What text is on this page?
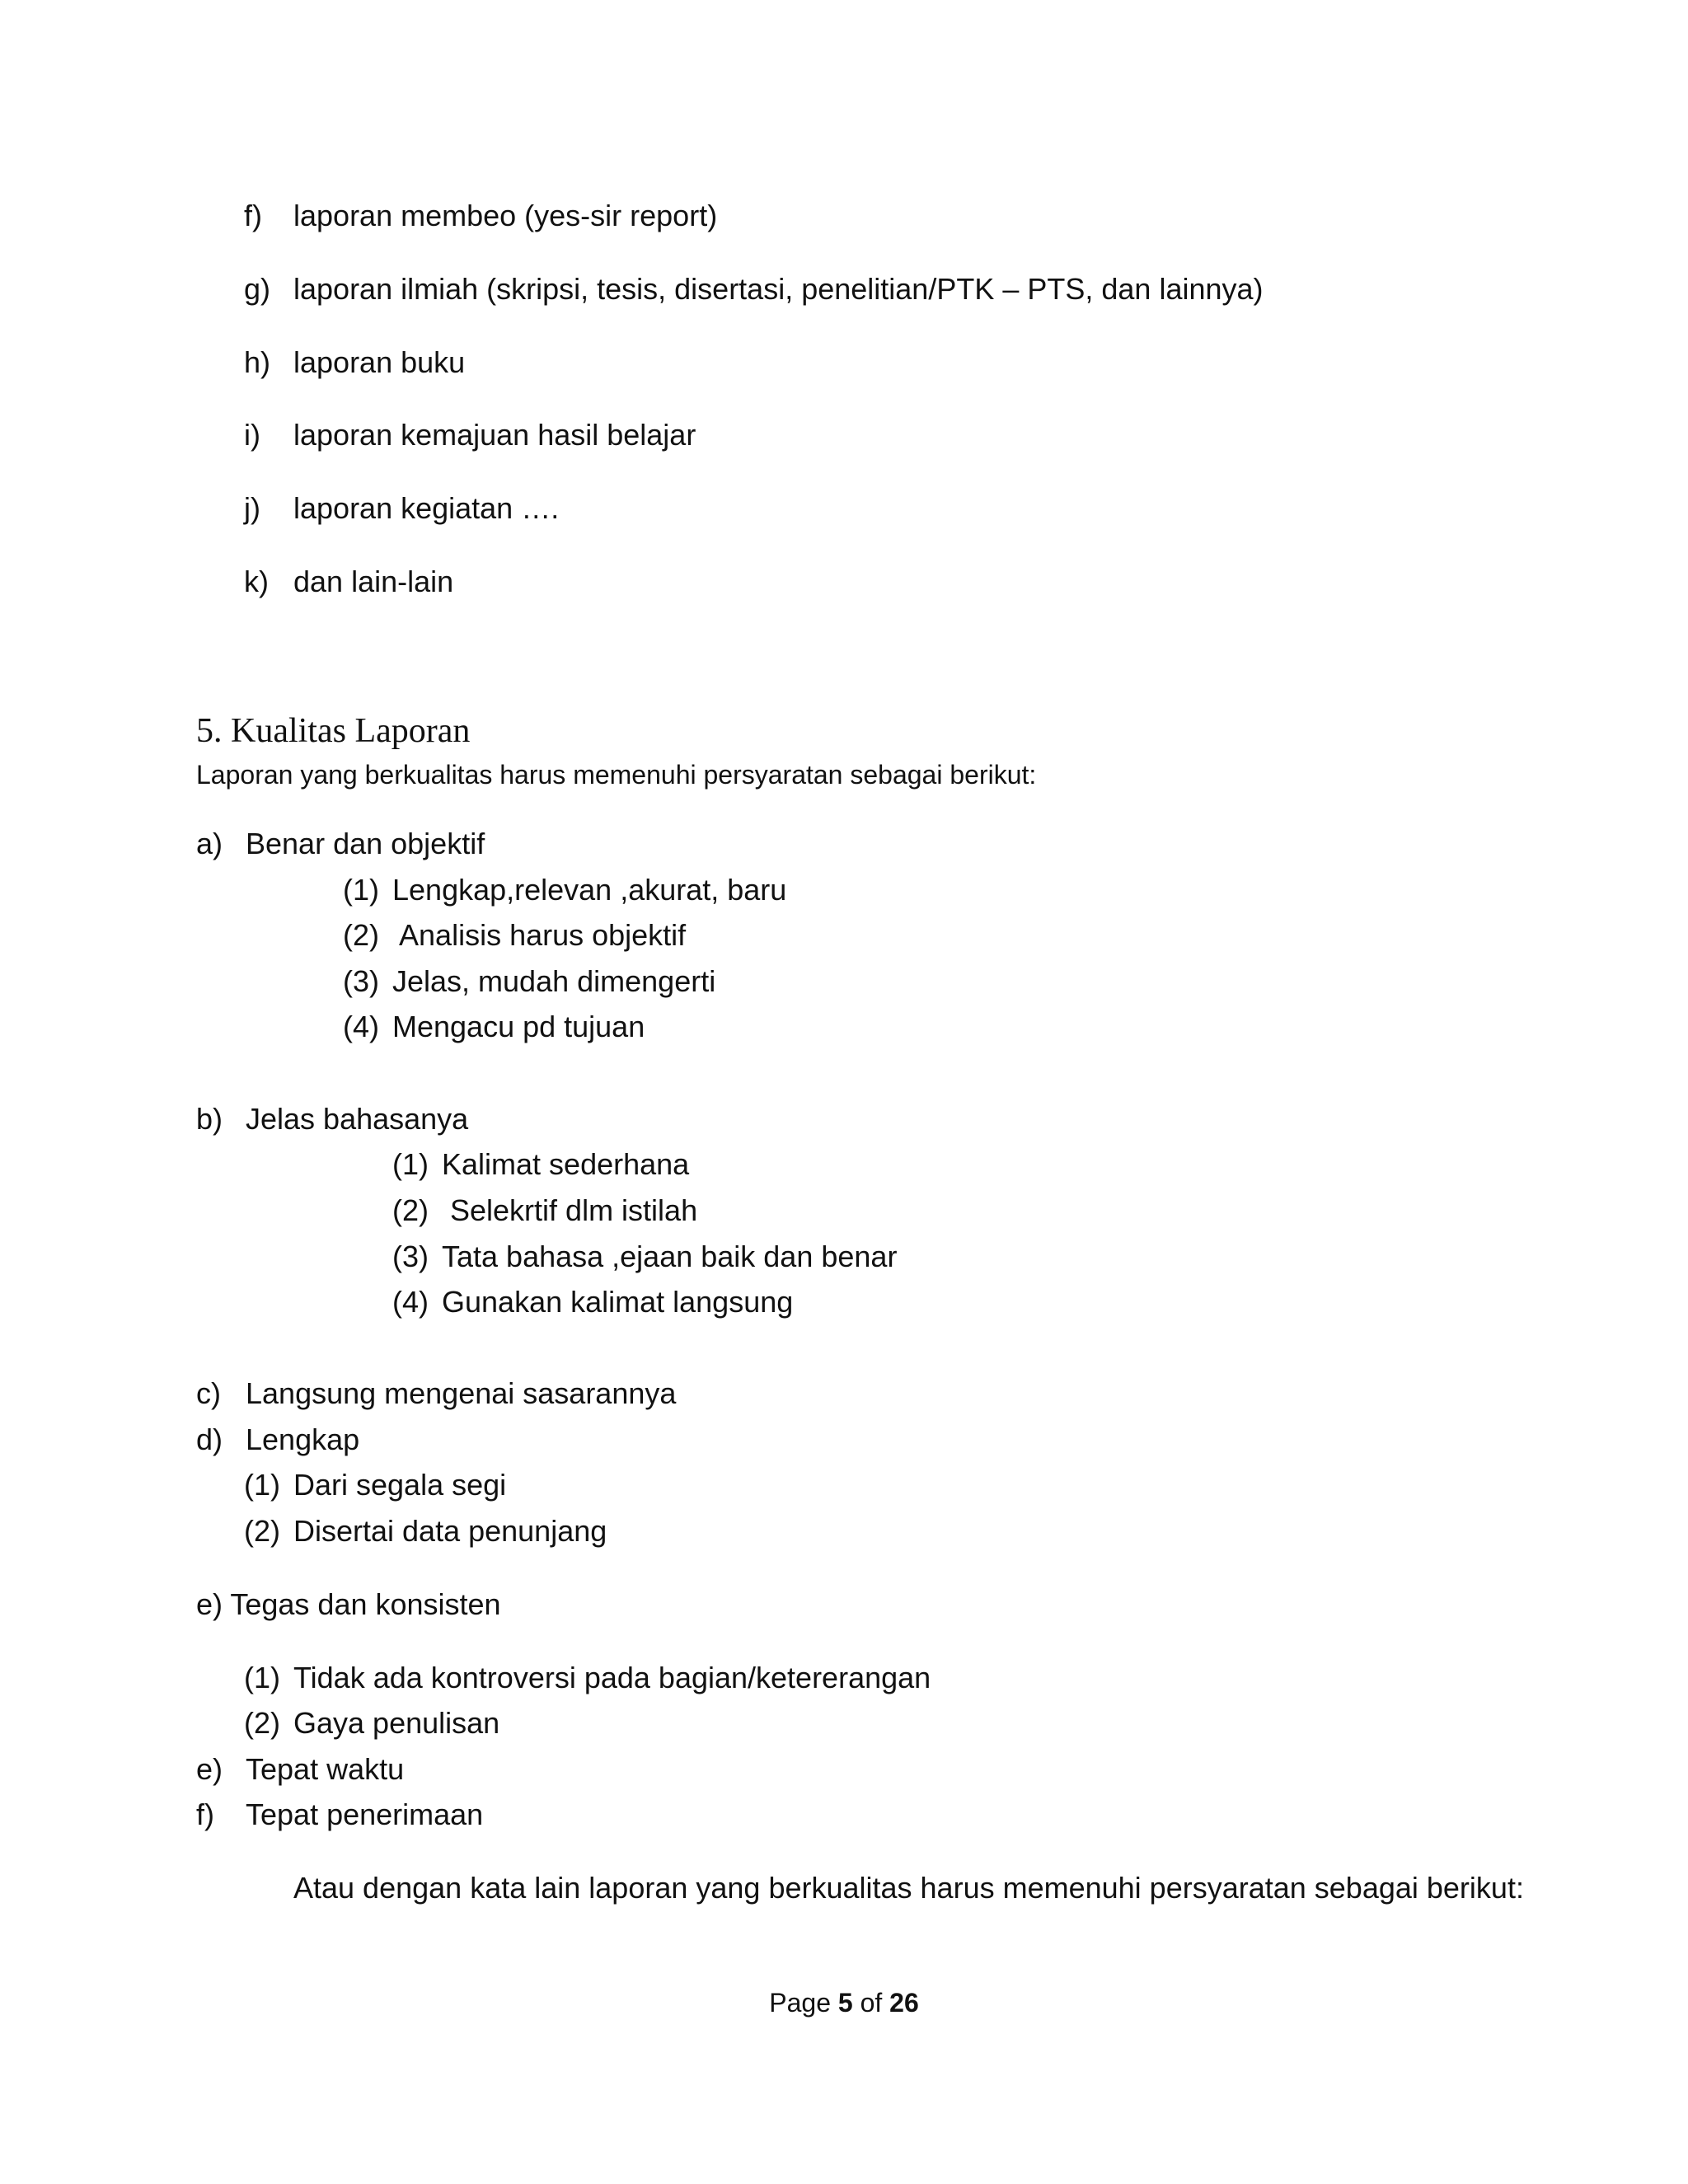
f) laporan membeo (yes-sir report)
g) laporan ilmiah (skripsi, tesis, disertasi, penelitian/PTK – PTS, dan lainnya)
h) laporan buku
i) laporan kemajuan hasil belajar
j) laporan kegiatan ….
k) dan lain-lain
5. Kualitas Laporan
Laporan yang berkualitas harus memenuhi persyaratan sebagai berikut:
a) Benar dan objektif
(1) Lengkap,relevan ,akurat, baru
(2) Analisis harus objektif
(3) Jelas, mudah dimengerti
(4) Mengacu pd tujuan
b) Jelas bahasanya
(1) Kalimat sederhana
(2) Selekrtif dlm istilah
(3) Tata bahasa ,ejaan baik dan benar
(4) Gunakan kalimat langsung
c) Langsung mengenai sasarannya
d) Lengkap
(1) Dari segala segi
(2) Disertai data penunjang
e) Tegas dan konsisten
(1) Tidak ada kontroversi pada bagian/ketererangan
(2) Gaya penulisan
e) Tepat waktu
f) Tepat penerimaan
Atau dengan kata lain laporan yang berkualitas harus memenuhi persyaratan sebagai berikut:
Page 5 of 26
